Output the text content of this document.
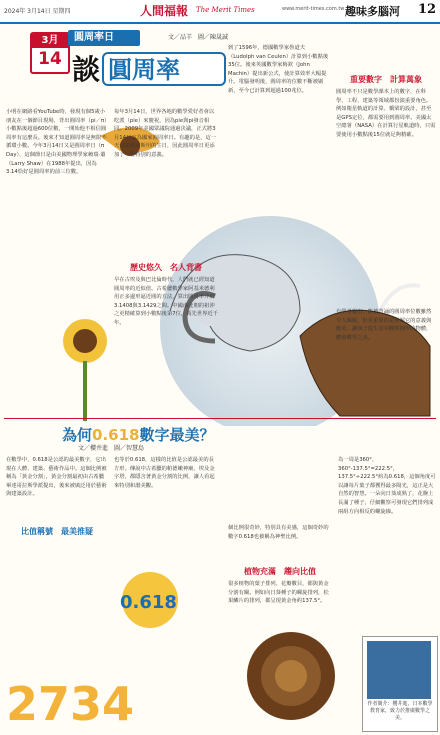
2024年 3月14日 星期四	人間福報 The Merit Times	www.merit-times.com.tw 趣味多腦河 12
3月
14
圓周率日
談 圓周率
文／品羊　圖／陳晟誠
小明在網路看YouTube時，發現有個5歲小朋友在一個節目現場，背出圓周率（pi／π）小數點後超過600位數，一開始他不相信圓周率有這麼長。後來才知道圓周率是無限不循環小數。今年3月14日又是圓周率日（π Day），這個節日是由美國物理學家賴瑞·蕭（Larry Shaw）在1988年提出，因為3.14恰好是圓周率的前三位數。
每年3月14日，世界各地的數學愛好者會以吃派（pie）來慶祝，因為pie與pi發音相同。2009年美國眾議院通過決議，正式將3月14日定為國家圓周率日。有趣的是，這一天也是愛因斯坦的生日，因此圓周率日更添加了一份特別的意義。
歷史悠久　名人背書
早在古埃及與巴比倫時代，人們就已經知道圓周率的近似值。古希臘數學家阿基米德利用正多邊形逼近圓的方法，算出圓周率介於3.1408與3.1429之間。中國南北朝的祖沖之更精確算到小數點後第7位，領先世界近千年。
到了1596年，德國數學家魯道夫（Ludolph van Ceulen）計算到小數點後35位。後來英國數學家梅欽（John Machin）提出新公式，使計算效率大幅提升。電腦發明後，圓周率的位數不斷被刷新，至今已計算到超過100兆位。
重要數字　計算萬象
圓周率不只是數學課本上的數字，在科學、工程、建築等領域都扮演重要角色。例如衛星軌道的計算、橋梁的設計，甚至是GPS定位，都需要用到圓周率。美國太空總署（NASA）在計算行星軌道時，只需要使用小數點後15位就足夠精確。
有學者提出，能被背誦的圓周率位數雖然令人佩服，但更重要的是理解它的意義與應用。讓孩子從生活中觀察圓形的物體，體會數學之美。
為何0.618數字最美？
文／櫻井進　圖／智慧島
0.618
2734
在數學中，0.618是公認的最美數字，它出現在人體、建築、藝術作品中。這個比例被稱為「黃金分割」，黃金分割最初由古希臘畢達哥拉斯學派提出，後來被廣泛用於藝術與建築設計。
比值稱號　最美推疑
也等於0.618，這樣的比值是公認最美的長方形。傳說中古希臘的帕德嫩神廟、埃及金字塔，都隱含著黃金分割的比例，讓人看起來特別和諧美觀。
個比例很奇妙，特別具有美感，這個奇妙的數字0.618也被稱為神聖比例。
植物充滿　趨向比值
很多植物的葉子排列、花瓣數目，都與黃金分割有關。例如向日葵種子的螺旋排列，松果鱗片的排列，都呈現黃金角約137.5°。
為一周是360°，360°-137.5°=222.5°，137.5°÷222.5°約為0.618，這個角度可以讓每片葉子都獲得最多陽光，這正是大自然的智慧。一朵向日葵成熟了，花盤上長滿了種子，仔細觀察可發現它們排列成兩組方向相反的螺旋線。
作者簡介：櫻井進，日本數學教育家，致力於推廣數學之美。
